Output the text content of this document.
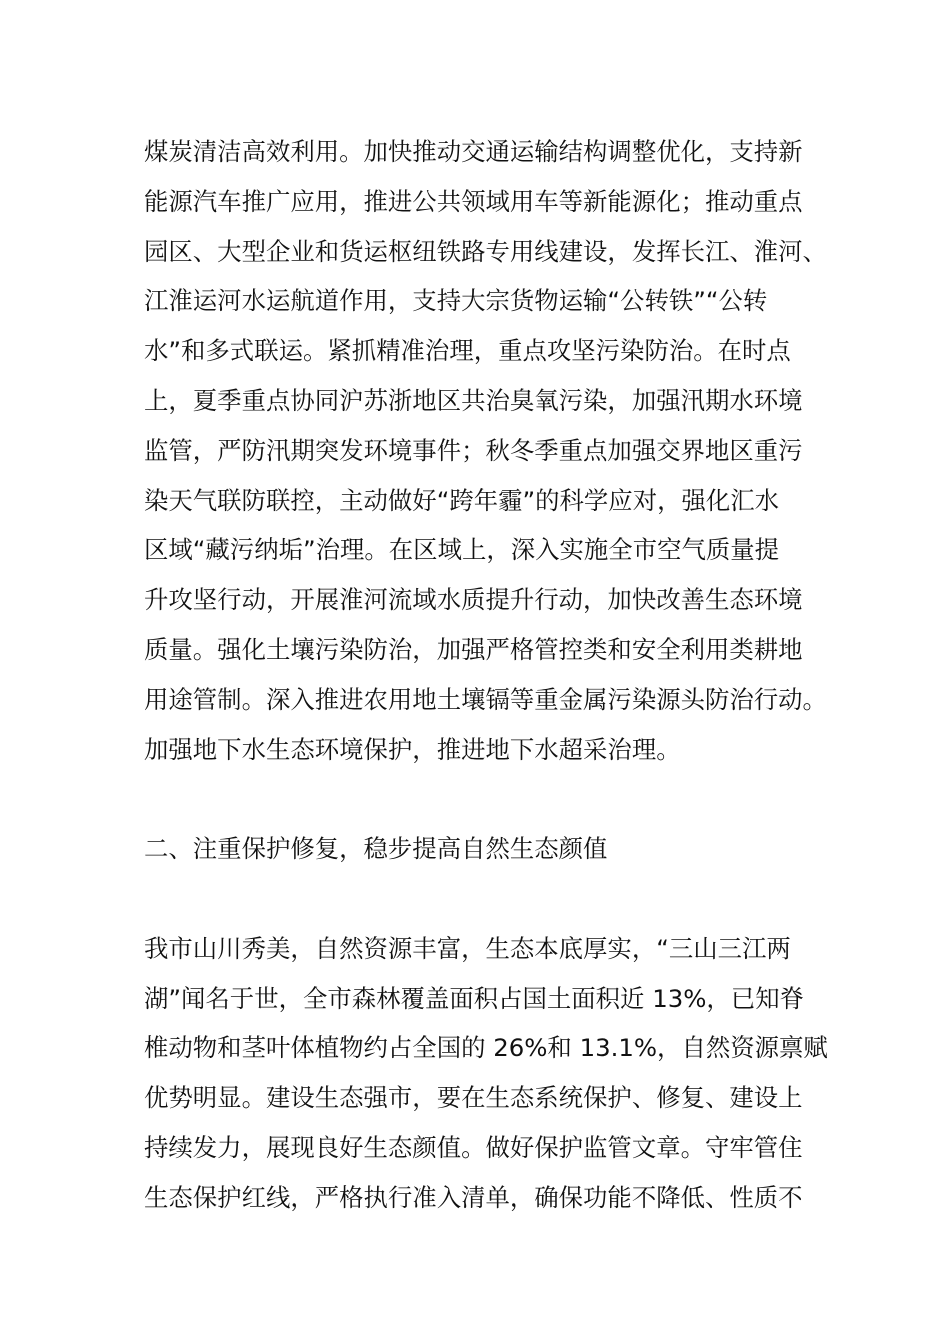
煤炭清洁高效利用。加快推动交通运输结构调整优化，支持新
能源汽车推广应用，推进公共领域用车等新能源化；推动重点
园区、大型企业和货运枢纽铁路专用线建设，发挥长江、淮河、
江淮运河水运航道作用，支持大宗货物运输“公转铁”“公转
水”和多式联运。紧抓精准治理，重点攻坚污染防治。在时点
上，夏季重点协同沪苏浙地区共治臭氧污染，加强汛期水环境
监管，严防汛期突发环境事件；秋冬季重点加强交界地区重污
染天气联防联控，主动做好“跨年霾”的科学应对，强化汇水
区域“藏污纳垢”治理。在区域上，深入实施全市空气质量提
升攻坚行动，开展淮河流域水质提升行动，加快改善生态环境
质量。强化土壤污染防治，加强严格管控类和安全利用类耕地
用途管制。深入推进农用地土壤镉等重金属污染源头防治行动。
加强地下水生态环境保护，推进地下水超采治理。
二、注重保护修复，稳步提高自然生态颜值
我市山川秀美，自然资源丰富，生态本底厚实，“三山三江两
湖”闻名于世，全市森林覆盖面积占国土面积近 13%，已知脊
椎动物和茎叶体植物约占全国的 26%和 13.1%，自然资源禀赋
优势明显。建设生态强市，要在生态系统保护、修复、建设上
持续发力，展现良好生态颜值。做好保护监管文章。守牢管住
生态保护红线，严格执行准入清单，确保功能不降低、性质不
